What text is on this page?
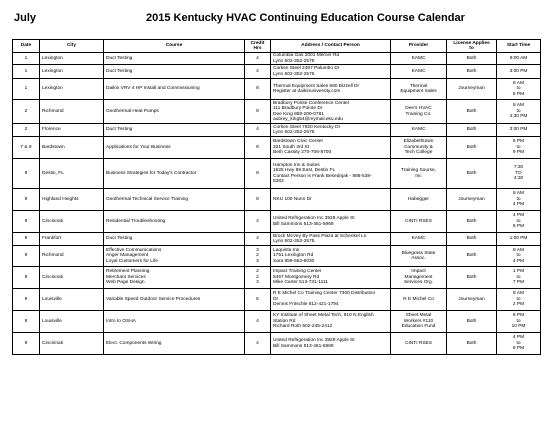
July	2015 Kentucky HVAC Continuing Education Course Calendar
Date	City	Course	Credit
Hrs	Address / Contact Person	Provider	License Applies
to	Start Time
1	Lexington	Duct Testing	4	Columbia Gas 2001 Mercer Rd
Lynn 502-352-2575	KAMC	Both	9:00 AM
1	Lexington	Duct Testing	4	Corken Steel 2497 Palumbo Dr
Lynn 502-352-2575	KAMC	Both	3:00 PM
1	Lexington	Daikin VRV 4 HP Install and Commissioning	8	Thermal Equipment Sales 680 Bizzell Dr
Register at daikinuniversity.com	Thermal
Equipment Sales	Journeyman	8 AM
to
5 PM
2	Richmond	Geothermal Heat Pumps	8	Bradbury Pointe Conference Center
111 Bradbury Pointe Dr
Dee King 859-200-0781
aubrey_king54@mymail.eku.edu	Dee's HVAC
Training Co.	Both	8 AM
to
4:30 PM
2	Florence	Duct Testing	4	Corken Steel 7920 Kentucky Dr
Lynn 502-352-2575	KAMC	Both	3:00 PM
7 & 9	Bardstown	Applications for Your Business	8	Bardstown Civic Center
321 South 3rd St
Beth Cassity 270-706-8700	Elizabethtown
Community &
Tech College	Both	6 PM
to
9 PM
8	Destin, FL	Business Strategies for Today's Contractor	8	Hampton Inn & Suites
1625 Hwy 98 East, Destin FL
Contact Person is Frank Besednjak - 888-538-
5383	Training Sourse,
Inc	Both	7:30
TO
4:30
8	Highland Heights	Geothermal Technical Service Training	8	NKU 100 Nunn Dr	Habegger	Journeyman	8 AM
to
4 PM
8	Cincinnati	Residential Troubleshooting	4	United Refrigeration Inc 3929 Apple St
Bill Sammons 513-481-5969	CINTI RSES	Both	4 PM
to
8 PM
9	Frankfort	Duct Testing	4	Brock McVey By Pass Plaza at Schenkel Ln
Lynn 502-352-2575	KAMC	Both	1:00 PM
9	Richmond	Effective Communications
Anger Management
Loyal Customers for Life	3
2
3	Laquinta Inn
1751 Lexington Rd
Sara 859-553-6030	Bluegrass State
Assoc.	Both	8 AM
to
4 PM
9	Cincinnati	Retirement Planning
Merchant Services
Web Page Design	2
2
3	Impact Training Center
5457 Montgomery Rd
Mike Carter 513-731-1111	Impact
Management
Services Org.	Both	1 PM
to
7 PM
9	Louisville	Variable Speed Outdoor Service Procedures	5	R E Michel Co Training Center 7300 Distribution
Dr
Dennis Fritschle 812-421-1794	R E Michel Co	Journeyman	8 AM
to
2 PM
9	Louisville	Intro to OSHA	4	KY Institute of Sheet Metal Tech, 810 N English
Station Rd
Richard Roth 502-245-2412	Sheet Metal
Workers #110
Education Fund	Both	6 PM
to
10 PM
9	Cincinnati	Elect. Components Wiring	4	United Refrigeration Inc 3929 Apple St
Bill Sammons 513-481-5969	CINTI RSES	Both	4 PM
to
8 PM
